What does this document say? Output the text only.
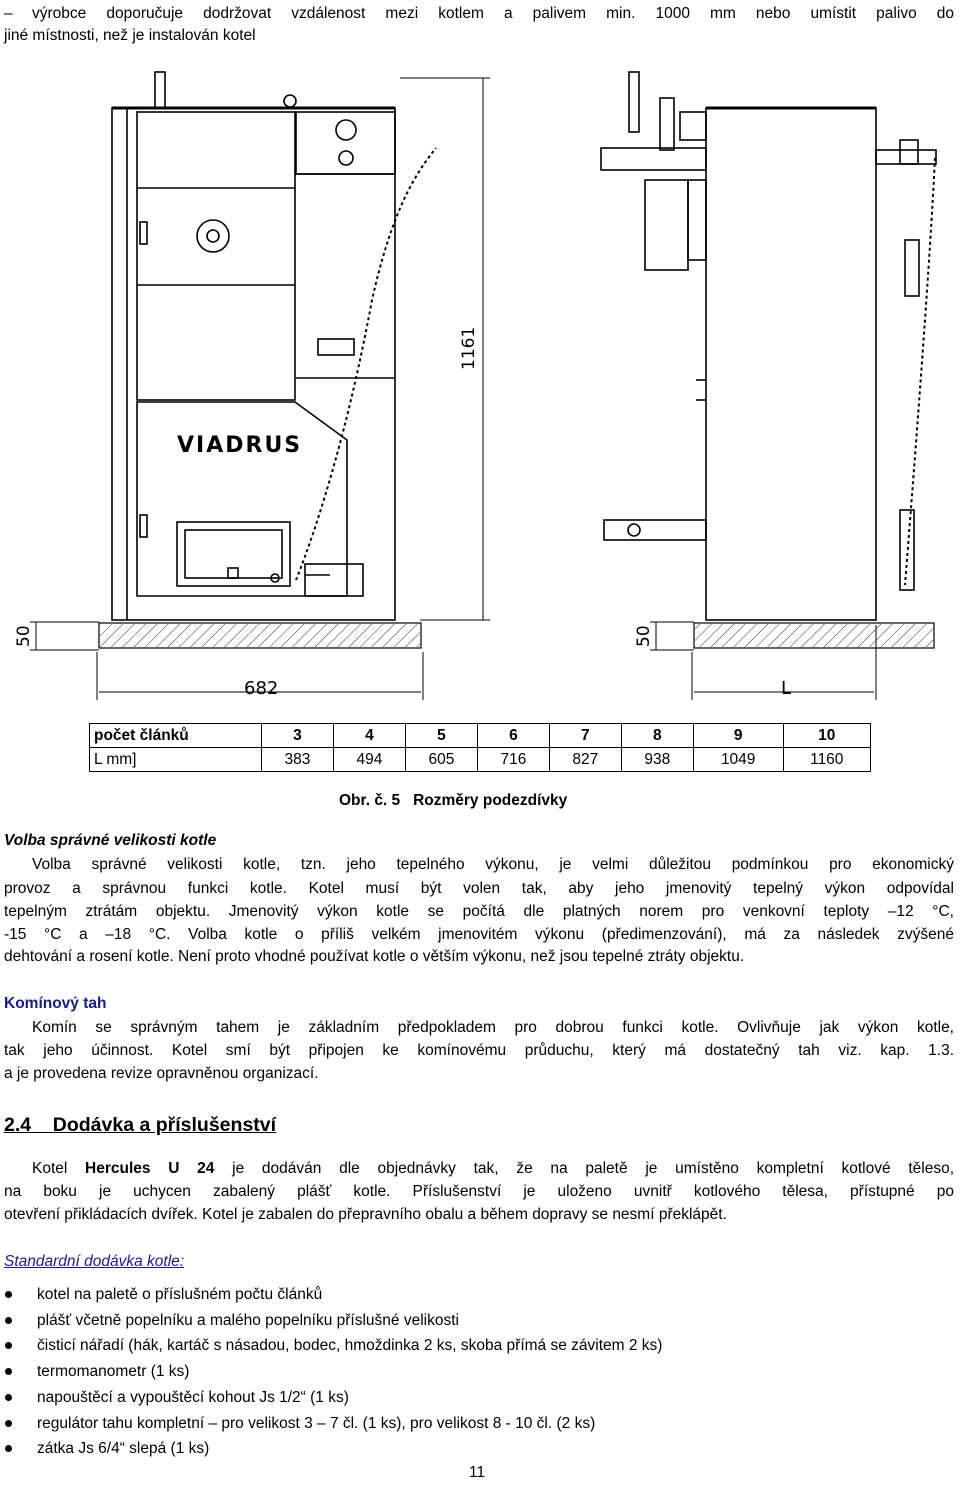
– výrobce doporučuje dodržovat vzdálenost mezi kotlem a palivem min. 1000 mm nebo umístit palivo do
jiné místnosti, než je instalován kotel
VIADRUS
1161
50	50
682	L
počet článků	3	4	5	6	7	8	9	10
L mm]	383	494	605	716	827	938	1049	1160
Obr. č. 5   Rozměry podezdívky
Volba správné velikosti kotle
Volba správné velikosti kotle, tzn. jeho tepelného výkonu, je velmi důležitou podmínkou pro ekonomický
provoz a správnou funkci kotle. Kotel musí být volen tak, aby jeho jmenovitý tepelný výkon odpovídal
tepelným ztrátám objektu. Jmenovitý výkon kotle se počítá dle platných norem pro venkovní teploty –12 °C,
-15 °C a –18 °C. Volba kotle o příliš velkém jmenovitém výkonu (předimenzování), má za následek zvýšené
dehtování a rosení kotle. Není proto vhodné používat kotle o větším výkonu, než jsou tepelné ztráty objektu.
Komínový tah
Komín se správným tahem je základním předpokladem pro dobrou funkci kotle. Ovlivňuje jak výkon kotle,
tak jeho účinnost. Kotel smí být připojen ke komínovému průduchu, který má dostatečný tah viz. kap. 1.3.
a je provedena revize opravněnou organizací.
2.4 Dodávka a příslušenství
Kotel Hercules U 24 je dodáván dle objednávky tak, že na paletě je umístěno kompletní kotlové těleso,
na boku je uchycen zabalený plášť kotle. Příslušenství je uloženo uvnitř kotlového tělesa, přístupné po
otevření přikládacích dvířek. Kotel je zabalen do přepravního obalu a během dopravy se nesmí překlápět.
Standardní dodávka kotle:
kotel na paletě o příslušném počtu článků
plášť včetně popelníku a malého popelníku příslušné velikosti
čisticí nářadí (hák, kartáč s násadou, bodec, hmoždinka 2 ks, skoba přímá se závitem 2 ks)
termomanometr (1 ks)
napouštěcí a vypouštěcí kohout Js 1/2“ (1 ks)
regulátor tahu kompletní – pro velikost 3 – 7 čl. (1 ks), pro velikost 8 - 10 čl. (2 ks)
zátka Js 6/4“ slepá (1 ks)
11
